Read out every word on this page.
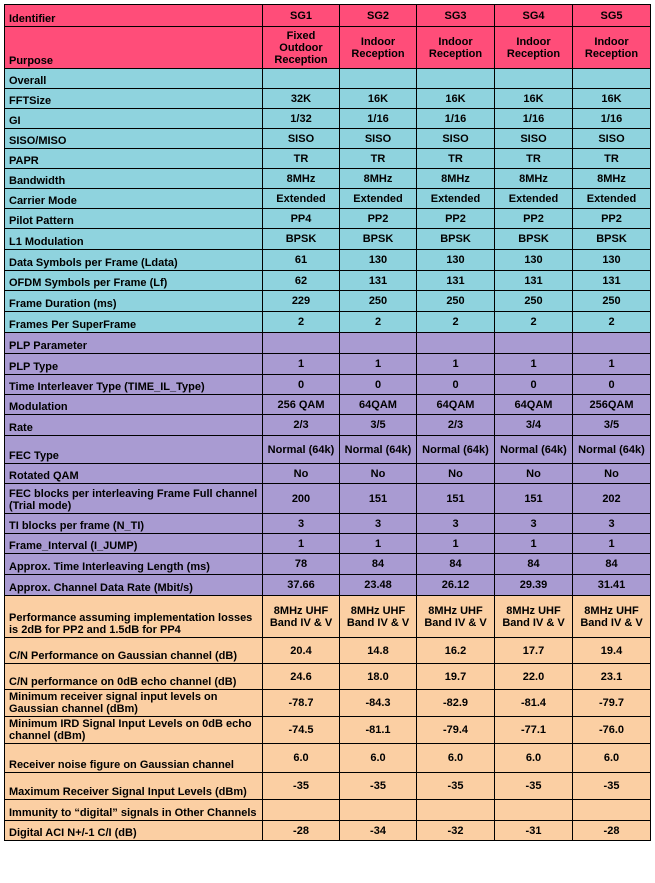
Identifier	SG1	SG2	SG3	SG4	SG5
Purpose	Fixed Outdoor Reception	Indoor Reception	Indoor Reception	Indoor Reception	Indoor Reception
Overall					
FFTSize	32K	16K	16K	16K	16K
GI	1/32	1/16	1/16	1/16	1/16
SISO/MISO	SISO	SISO	SISO	SISO	SISO
PAPR	TR	TR	TR	TR	TR
Bandwidth	8MHz	8MHz	8MHz	8MHz	8MHz
Carrier Mode	Extended	Extended	Extended	Extended	Extended
Pilot Pattern	PP4	PP2	PP2	PP2	PP2
L1 Modulation	BPSK	BPSK	BPSK	BPSK	BPSK
Data Symbols per Frame (Ldata)	61	130	130	130	130
OFDM Symbols per Frame (Lf)	62	131	131	131	131
Frame Duration (ms)	229	250	250	250	250
Frames Per SuperFrame	2	2	2	2	2
PLP Parameter					
PLP Type	1	1	1	1	1
Time Interleaver Type (TIME_IL_Type)	0	0	0	0	0
Modulation	256 QAM	64QAM	64QAM	64QAM	256QAM
Rate	2/3	3/5	2/3	3/4	3/5
FEC Type	Normal (64k)	Normal (64k)	Normal (64k)	Normal (64k)	Normal (64k)
Rotated QAM	No	No	No	No	No
FEC blocks per interleaving Frame Full channel (Trial mode)	200	151	151	151	202
TI blocks per frame (N_TI)	3	3	3	3	3
Frame_Interval (I_JUMP)	1	1	1	1	1
Approx. Time Interleaving Length (ms)	78	84	84	84	84
Approx. Channel Data Rate (Mbit/s)	37.66	23.48	26.12	29.39	31.41
Performance assuming implementation losses is 2dB for PP2 and 1.5dB for PP4	8MHz UHF Band IV & V	8MHz UHF Band IV & V	8MHz UHF Band IV & V	8MHz UHF Band IV & V	8MHz UHF Band IV & V
C/N Performance on Gaussian channel (dB)	20.4	14.8	16.2	17.7	19.4
C/N performance on 0dB echo channel (dB)	24.6	18.0	19.7	22.0	23.1
Minimum receiver signal input levels on Gaussian channel (dBm)	-78.7	-84.3	-82.9	-81.4	-79.7
Minimum IRD Signal Input Levels on 0dB echo channel (dBm)	-74.5	-81.1	-79.4	-77.1	-76.0
Receiver noise figure on Gaussian channel	6.0	6.0	6.0	6.0	6.0
Maximum Receiver Signal Input Levels (dBm)	-35	-35	-35	-35	-35
Immunity to “digital” signals in Other Channels					
Digital ACI N+/-1 C/I (dB)	-28	-34	-32	-31	-28
